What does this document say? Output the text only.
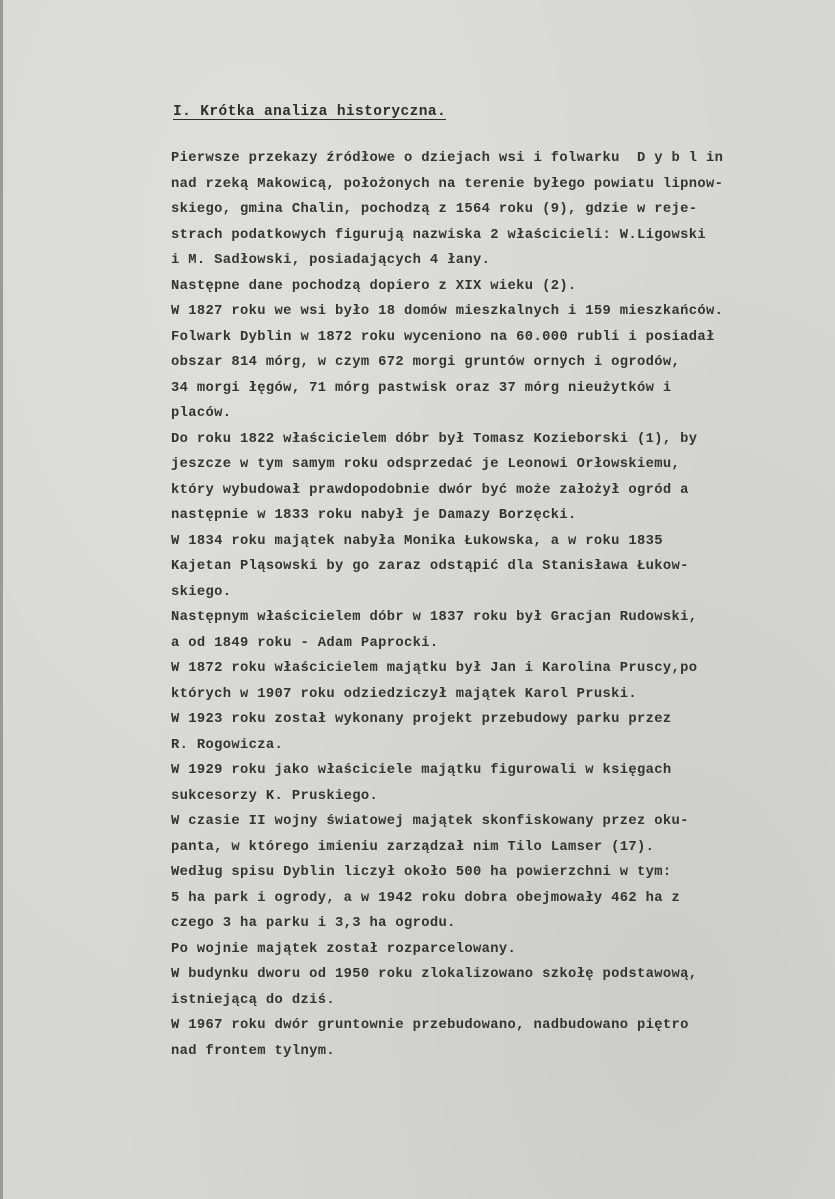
I. Krótka analiza historyczna.
Pierwsze przekazy źródłowe o dziejach wsi i folwarku  D y b l in
nad rzeką Makowicą, położonych na terenie byłego powiatu lipnow-
skiego, gmina Chalin, pochodzą z 1564 roku (9), gdzie w reje-
strach podatkowych figurują nazwiska 2 właścicieli: W.Ligowski
i M. Sadłowski, posiadających 4 łany.
Następne dane pochodzą dopiero z XIX wieku (2).
W 1827 roku we wsi było 18 domów mieszkalnych i 159 mieszkańców.
Folwark Dyblin w 1872 roku wyceniono na 60.000 rubli i posiadał
obszar 814 mórg, w czym 672 morgi gruntów ornych i ogrodów,
34 morgi łęgów, 71 mórg pastwisk oraz 37 mórg nieużytków i
placów.
Do roku 1822 właścicielem dóbr był Tomasz Kozieborski (1), by
jeszcze w tym samym roku odsprzedać je Leonowi Orłowskiemu,
który wybudował prawdopodobnie dwór być może założył ogród a
następnie w 1833 roku nabył je Damazy Borzęcki.
W 1834 roku majątek nabyła Monika Łukowska, a w roku 1835
Kajetan Pląsowski by go zaraz odstąpić dla Stanisława Łukow-
skiego.
Następnym właścicielem dóbr w 1837 roku był Gracjan Rudowski,
a od 1849 roku - Adam Paprocki.
W 1872 roku właścicielem majątku był Jan i Karolina Pruscy,po
których w 1907 roku odziedziczył majątek Karol Pruski.
W 1923 roku został wykonany projekt przebudowy parku przez
R. Rogowicza.
W 1929 roku jako właściciele majątku figurowali w księgach
sukcesorzy K. Pruskiego.
W czasie II wojny światowej majątek skonfiskowany przez oku-
panta, w którego imieniu zarządzał nim Tilo Lamser (17).
Według spisu Dyblin liczył około 500 ha powierzchni w tym:
5 ha park i ogrody, a w 1942 roku dobra obejmowały 462 ha z
czego 3 ha parku i 3,3 ha ogrodu.
Po wojnie majątek został rozparcelowany.
W budynku dworu od 1950 roku zlokalizowano szkołę podstawową,
istniejącą do dziś.
W 1967 roku dwór gruntownie przebudowano, nadbudowano piętro
nad frontem tylnym.
